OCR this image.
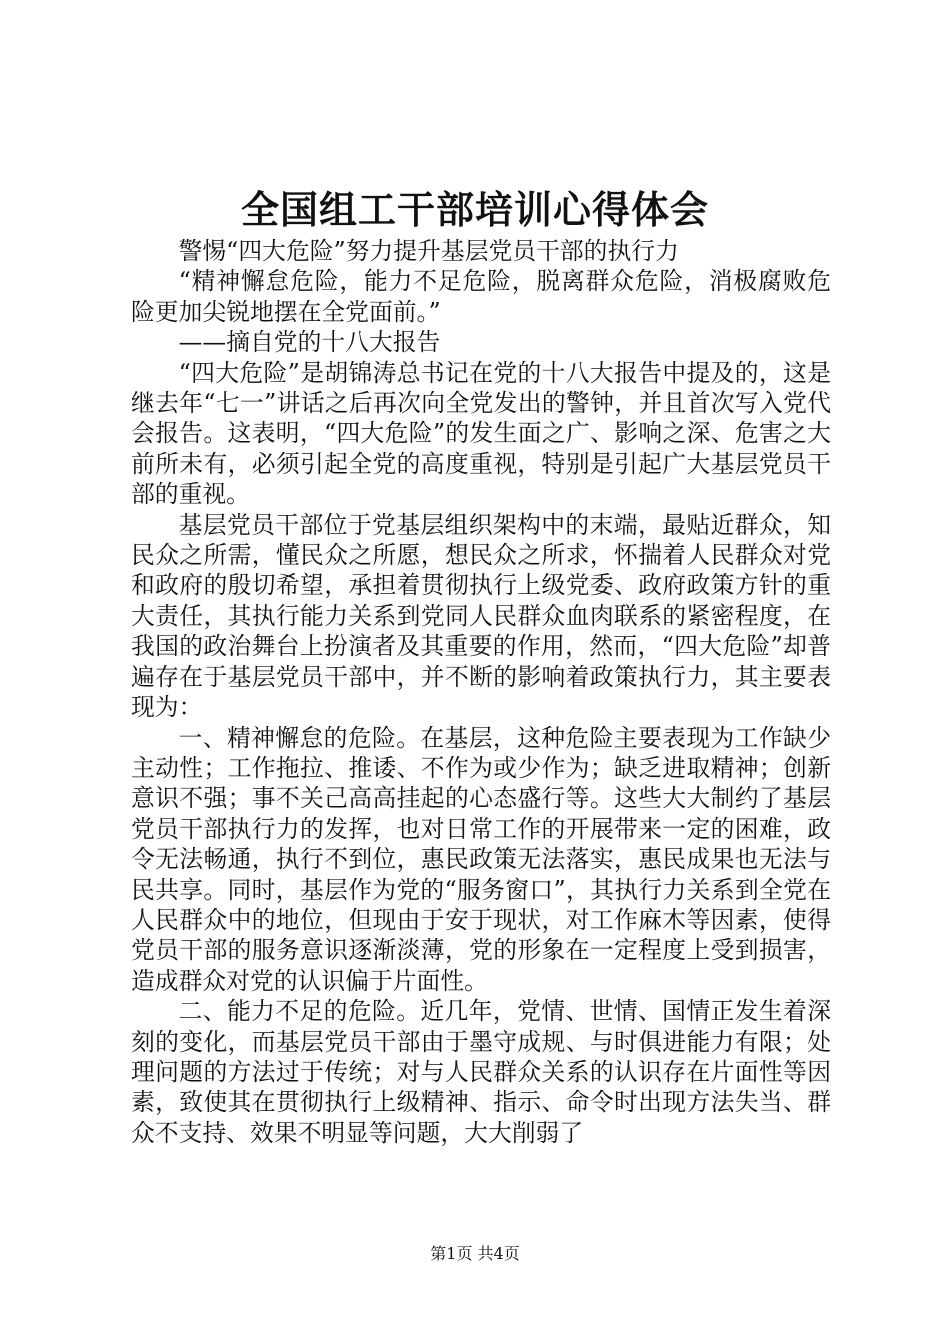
全国组工干部培训心得体会

警惕“四大危险”努力提升基层党员干部的执行力

“精神懈怠危险，能力不足危险，脱离群众危险，消极腐败危险更加尖锐地摆在全党面前。”

——摘自党的十八大报告

“四大危险”是胡锦涛总书记在党的十八大报告中提及的，这是继去年“七一”讲话之后再次向全党发出的警钟，并且首次写入党代会报告。这表明，“四大危险”的发生面之广、影响之深、危害之大前所未有，必须引起全党的高度重视，特别是引起广大基层党员干部的重视。

基层党员干部位于党基层组织架构中的末端，最贴近群众，知民众之所需，懂民众之所愿，想民众之所求，怀揣着人民群众对党和政府的殷切希望，承担着贯彻执行上级党委、政府政策方针的重大责任，其执行能力关系到党同人民群众血肉联系的紧密程度，在我国的政治舞台上扮演者及其重要的作用，然而，“四大危险”却普遍存在于基层党员干部中，并不断的影响着政策执行力，其主要表现为：

一、精神懈怠的危险。在基层，这种危险主要表现为工作缺少主动性；工作拖拉、推诿、不作为或少作为；缺乏进取精神；创新意识不强；事不关己高高挂起的心态盛行等。这些大大制约了基层党员干部执行力的发挥，也对日常工作的开展带来一定的困难，政令无法畅通，执行不到位，惠民政策无法落实，惠民成果也无法与民共享。同时，基层作为党的“服务窗口”，其执行力关系到全党在人民群众中的地位，但现由于安于现状，对工作麻木等因素，使得党员干部的服务意识逐渐淡薄，党的形象在一定程度上受到损害，造成群众对党的认识偏于片面性。

二、能力不足的危险。近几年，党情、世情、国情正发生着深刻的变化，而基层党员干部由于墨守成规、与时俱进能力有限；处理问题的方法过于传统；对与人民群众关系的认识存在片面性等因素，致使其在贯彻执行上级精神、指示、命令时出现方法失当、群众不支持、效果不明显等问题，大大削弱了

第1页 共4页
